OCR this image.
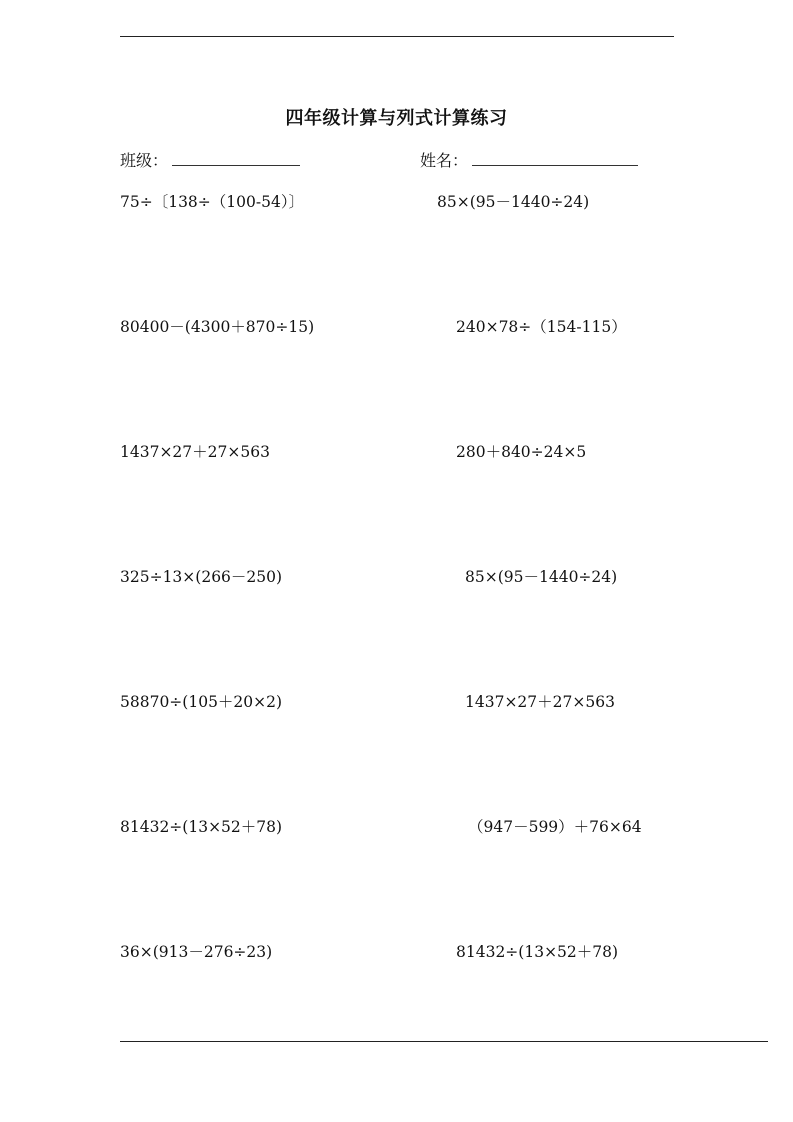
四年级计算与列式计算练习
班级：	姓名：
75÷〔138÷（100-54）〕	85×(95－1440÷24)
80400－(4300＋870÷15)	240×78÷（154-115）
1437×27＋27×563	280＋840÷24×5
325÷13×(266－250)	85×(95－1440÷24)
58870÷(105＋20×2)	1437×27＋27×563
81432÷(13×52＋78)	（947－599）＋76×64
36×(913－276÷23)	81432÷(13×52＋78)
